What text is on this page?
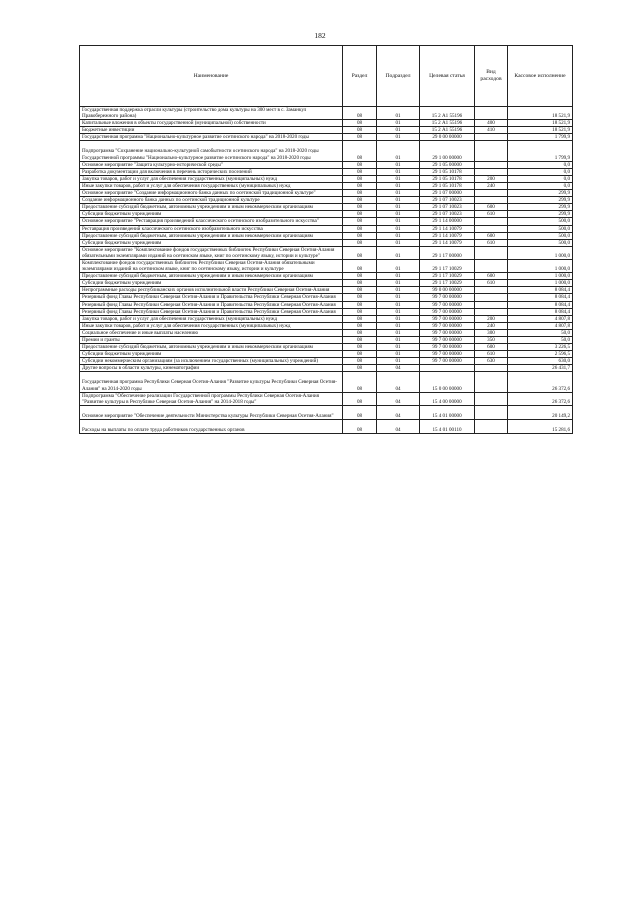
182
Наименование	Раздел	Подраздел	Целевая статья	Вид расходов	Кассовое исполнение
Государственная поддержка отрасли культуры (строительство дома культуры на 300 мест в с. Заманкул Правобережного района)	08	01	15 2 А1 55196		18 521,9
Капитальные вложения в объекты государственной (муниципальной) собственности	08	01	15 2 А1 55196	400	18 521,9
Бюджетные инвестиции	08	01	15 2 А1 55196	410	18 521,9
Государственная программа "Национально-культурное развитие осетинского народа" на 2018-2020 годы	08	01	29 0 00 00000		1 799,9
Подпрограмма "Сохранение национально-культурной самобытности осетинского народа" на 2018-2020 годы Государственной программы "Национально-культурное развитие осетинского народа" на 2018-2020 годы	08	01	29 1 00 00000		1 799,9
Основное мероприятие "Защита культурно-исторической среды"	08	01	29 1 05 00000		0,0
Разработка документации для включения в перечень исторических поселений	08	01	29 1 05 10178		0,0
Закупка товаров, работ и услуг для обеспечения государственных (муниципальных) нужд	08	01	29 1 05 10178	200	0,0
Иные закупки товаров, работ и услуг для обеспечения государственных (муниципальных) нужд	08	01	29 1 05 10178	240	0,0
Основное мероприятие "Создание информационного банка данных по осетинской традиционной культуре"	08	01	29 1 07 00000		299,9
Создание информационного банка данных по осетинской традиционной культуре	08	01	29 1 07 10023		299,9
Предоставление субсидий бюджетным, автономным учреждениям и иным некоммерческим организациям	08	01	29 1 07 10023	600	299,9
Субсидии бюджетным учреждениям	08	01	29 1 07 10023	610	299,9
Основное мероприятие "Реставрация произведений классического осетинского изобразительного искусства"	08	01	29 1 14 00000		500,0
Реставрация произведений классического осетинского изобразительного искусства	08	01	29 1 14 10079		500,0
Предоставление субсидий бюджетным, автономным учреждениям и иным некоммерческим организациям	08	01	29 1 14 10079	600	500,0
Субсидии бюджетным учреждениям	08	01	29 1 14 10079	610	500,0
Основное мероприятие "Комплектование фондов государственных библиотек Республики Северная Осетия-Алания обязательными экземплярами изданий на осетинском языке, книг по осетинскому языку, истории и культуре"	08	01	29 1 17 00000		1 000,0
Комплектование фондов государственных библиотек Республики Северная Осетия-Алания обязательными экземплярами изданий на осетинском языке, книг по осетинскому языку, истории и культуре	08	01	29 1 17 10029		1 000,0
Предоставление субсидий бюджетным, автономным учреждениям и иным некоммерческим организациям	08	01	29 1 17 10029	600	1 000,0
Субсидии бюджетным учреждениям	08	01	29 1 17 10029	610	1 000,0
Непрограммные расходы республиканских органов исполнительной власти Республики Северная Осетия-Алания	08	01	99 0 00 00000		8 084,4
Резервный фонд Главы Республики Северная Осетия-Алания и Правительства Республики Северная Осетия-Алания	08	01	99 7 00 00000		8 084,4
Резервный фонд Главы Республики Северная Осетия-Алания и Правительства Республики Северная Осетия-Алания	08	01	99 7 00 00000		8 084,4
Резервный фонд Главы Республики Северная Осетия-Алания и Правительства Республики Северная Осетия-Алания	08	01	99 7 00 00000		8 084,4
Закупка товаров, работ и услуг для обеспечения государственных (муниципальных) нужд	08	01	99 7 00 00000	200	4 807,8
Иные закупки товаров, работ и услуг для обеспечения государственных (муниципальных) нужд	08	01	99 7 00 00000	240	4 807,8
Социальное обеспечение и иные выплаты населению	08	01	99 7 00 00000	300	50,0
Премии и гранты	08	01	99 7 00 00000	350	50,0
Предоставление субсидий бюджетным, автономным учреждениям и иным некоммерческим организациям	08	01	99 7 00 00000	600	3 226,5
Субсидии бюджетным учреждениям	08	01	99 7 00 00000	610	2 596,5
Субсидии некоммерческим организациям (за исключением государственных (муниципальных) учреждений)	08	01	99 7 00 00000	630	630,0
Другие вопросы в области культуры, кинематографии	08	04			26 431,7
Государственная программа Республики Северная Осетия-Алания "Развитие культуры Республики Северная Осетия-Алания" на 2014-2020 годы	08	04	15 0 00 00000		26 372,6
Подпрограмма "Обеспечение реализации Государственной программы Республики Северная Осетия-Алания "Развитие культуры в Республике Северная Осетия-Алания" на 2014-2018 годы"	08	04	15 4 00 00000		26 372,6
Основное мероприятие "Обеспечение деятельности Министерства культуры Республики Северная Осетия-Алания"	08	04	15 4 01 00000		20 149,2
Расходы на выплаты по оплате труда работников государственных органов	08	04	15 4 01 00110		15 281,6
